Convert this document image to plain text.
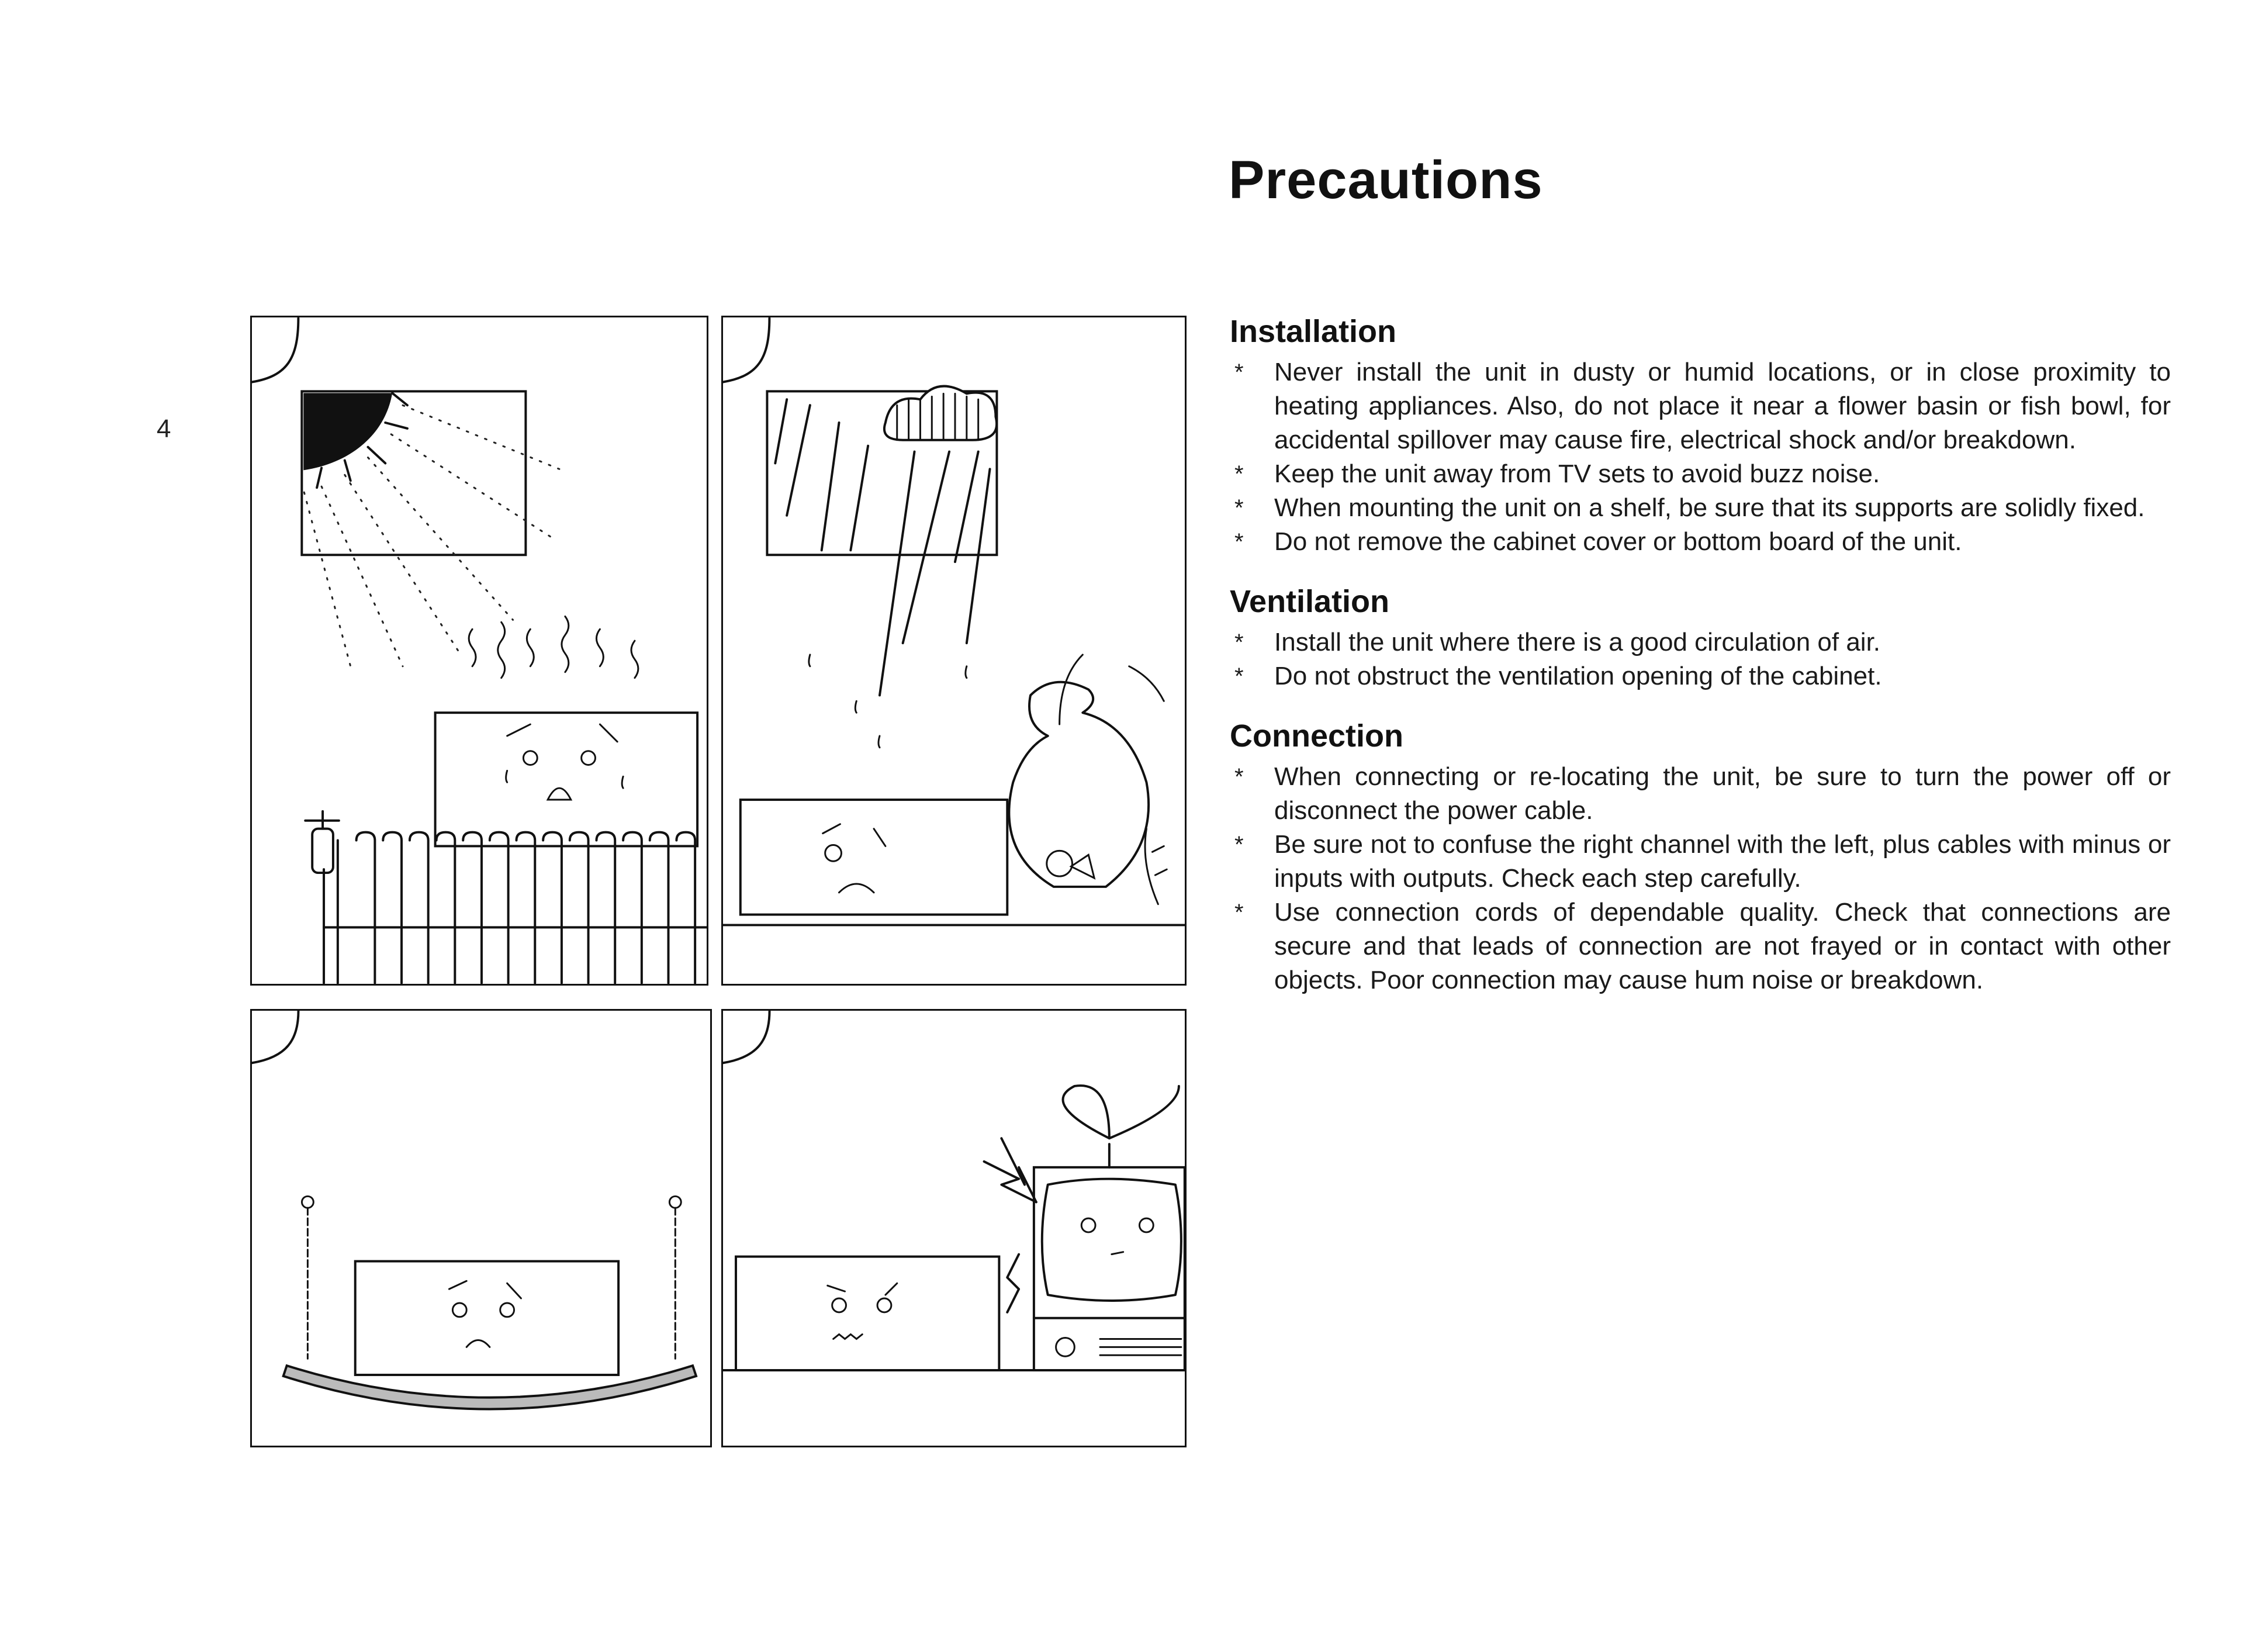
4
Precautions
Installation
* Never install the unit in dusty or humid locations, or in close proximity to heating appliances. Also, do not place it near a flower basin or fish bowl, for accidental spillover may cause fire, electrical shock and/or breakdown.
* Keep the unit away from TV sets to avoid buzz noise.
* When mounting the unit on a shelf, be sure that its supports are solidly fixed.
* Do not remove the cabinet cover or bottom board of the unit.
Ventilation
* Install the unit where there is a good circulation of air.
* Do not obstruct the ventilation opening of the cabinet.
Connection
* When connecting or re-locating the unit, be sure to turn the power off or disconnect the power cable.
* Be sure not to confuse the right channel with the left, plus cables with minus or inputs with outputs. Check each step carefully.
* Use connection cords of dependable quality. Check that connections are secure and that leads of connection are not frayed or in contact with other objects. Poor connection may cause hum noise or breakdown.
